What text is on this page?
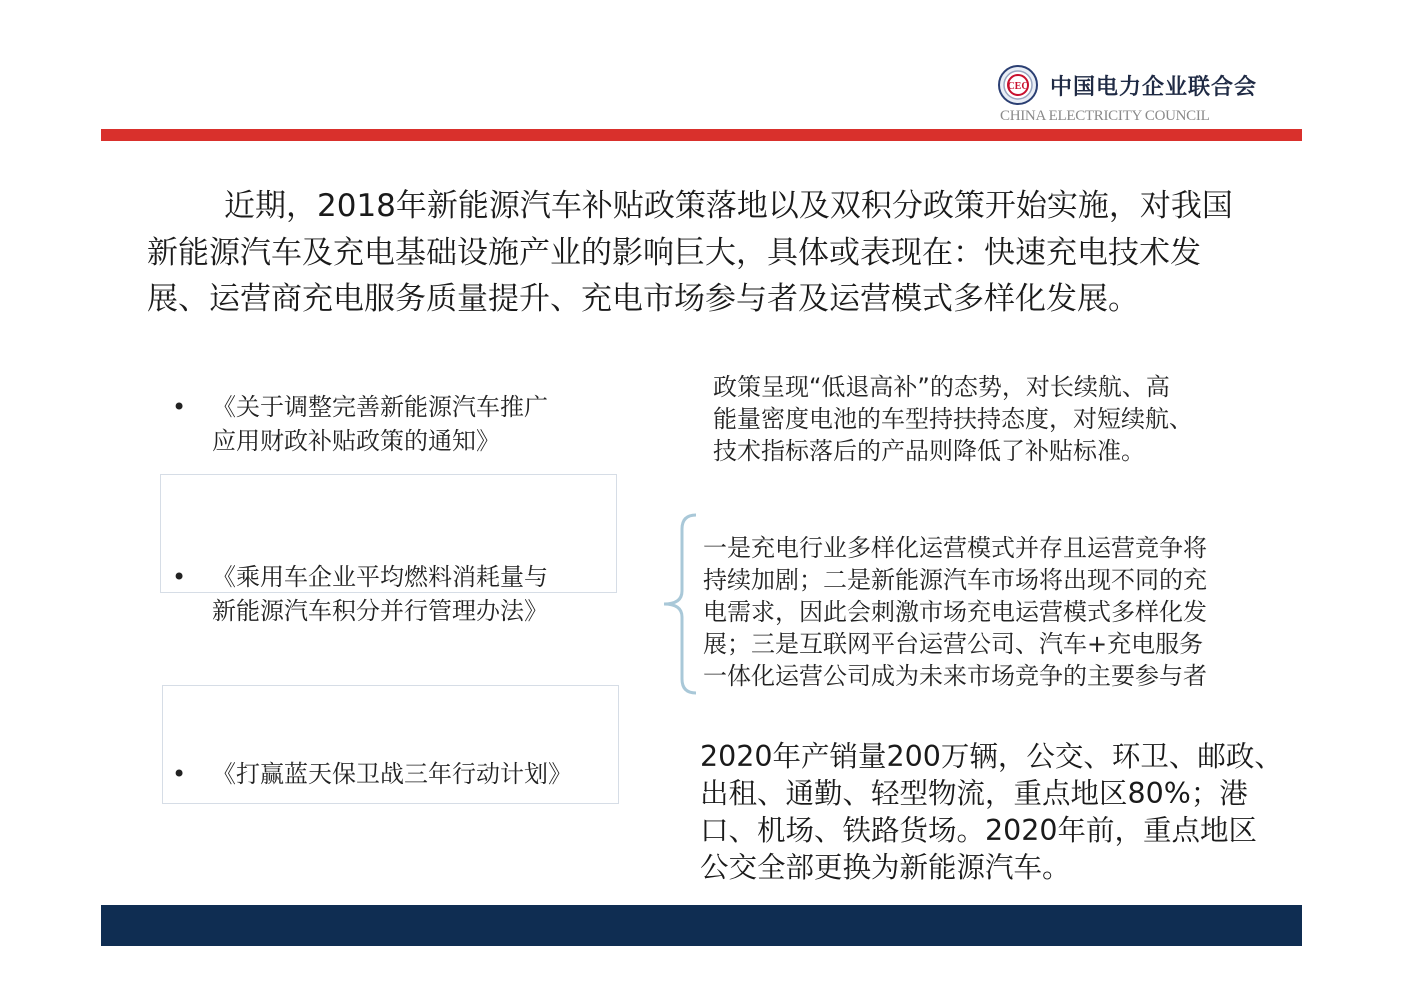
CEC 中国电力企业联合会
CHINA ELECTRICITY COUNCIL

近期，2018年新能源汽车补贴政策落地以及双积分政策开始实施，对我国新能源汽车及充电基础设施产业的影响巨大，具体或表现在：快速充电技术发展、运营商充电服务质量提升、充电市场参与者及运营模式多样化发展。

• 《关于调整完善新能源汽车推广
应用财政补贴政策的通知》
• 《乘用车企业平均燃料消耗量与
新能源汽车积分并行管理办法》
• 《打赢蓝天保卫战三年行动计划》
政策呈现“低退高补”的态势，对长续航、高
能量密度电池的车型持扶持态度，对短续航、
技术指标落后的产品则降低了补贴标准。
一是充电行业多样化运营模式并存且运营竞争将
持续加剧；二是新能源汽车市场将出现不同的充
电需求，因此会刺激市场充电运营模式多样化发
展；三是互联网平台运营公司、汽车+充电服务
一体化运营公司成为未来市场竞争的主要参与者
2020年产销量200万辆，公交、环卫、邮政、
出租、通勤、轻型物流，重点地区80%；港
口、机场、铁路货场。2020年前，重点地区
公交全部更换为新能源汽车。
